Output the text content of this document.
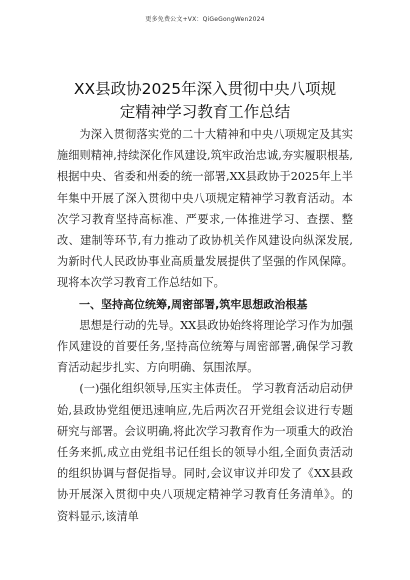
更多免费公文+VX：QiGeGongWen2024
XX县政协2025年深入贯彻中央八项规定精神学习教育工作总结

为深入贯彻落实党的二十大精神和中央八项规定及其实施细则精神,持续深化作风建设,筑牢政治忠诚,夯实履职根基,根据中央、省委和州委的统一部署,XX县政协于2025年上半年集中开展了深入贯彻中央八项规定精神学习教育活动。本次学习教育坚持高标准、严要求,一体推进学习、查摆、整改、建制等环节,有力推动了政协机关作风建设向纵深发展,为新时代人民政协事业高质量发展提供了坚强的作风保障。现将本次学习教育工作总结如下。

一、坚持高位统筹,周密部署,筑牢思想政治根基

思想是行动的先导。XX县政协始终将理论学习作为加强作风建设的首要任务,坚持高位统筹与周密部署,确保学习教育活动起步扎实、方向明确、氛围浓厚。

(一)强化组织领导,压实主体责任。 学习教育活动启动伊始,县政协党组便迅速响应,先后两次召开党组会议进行专题研究与部署。会议明确,将此次学习教育作为一项重大的政治任务来抓,成立由党组书记任组长的领导小组,全面负责活动的组织协调与督促指导。同时,会议审议并印发了《XX县政协开展深入贯彻中央八项规定精神学习教育任务清单》。的资料显示,该清单
